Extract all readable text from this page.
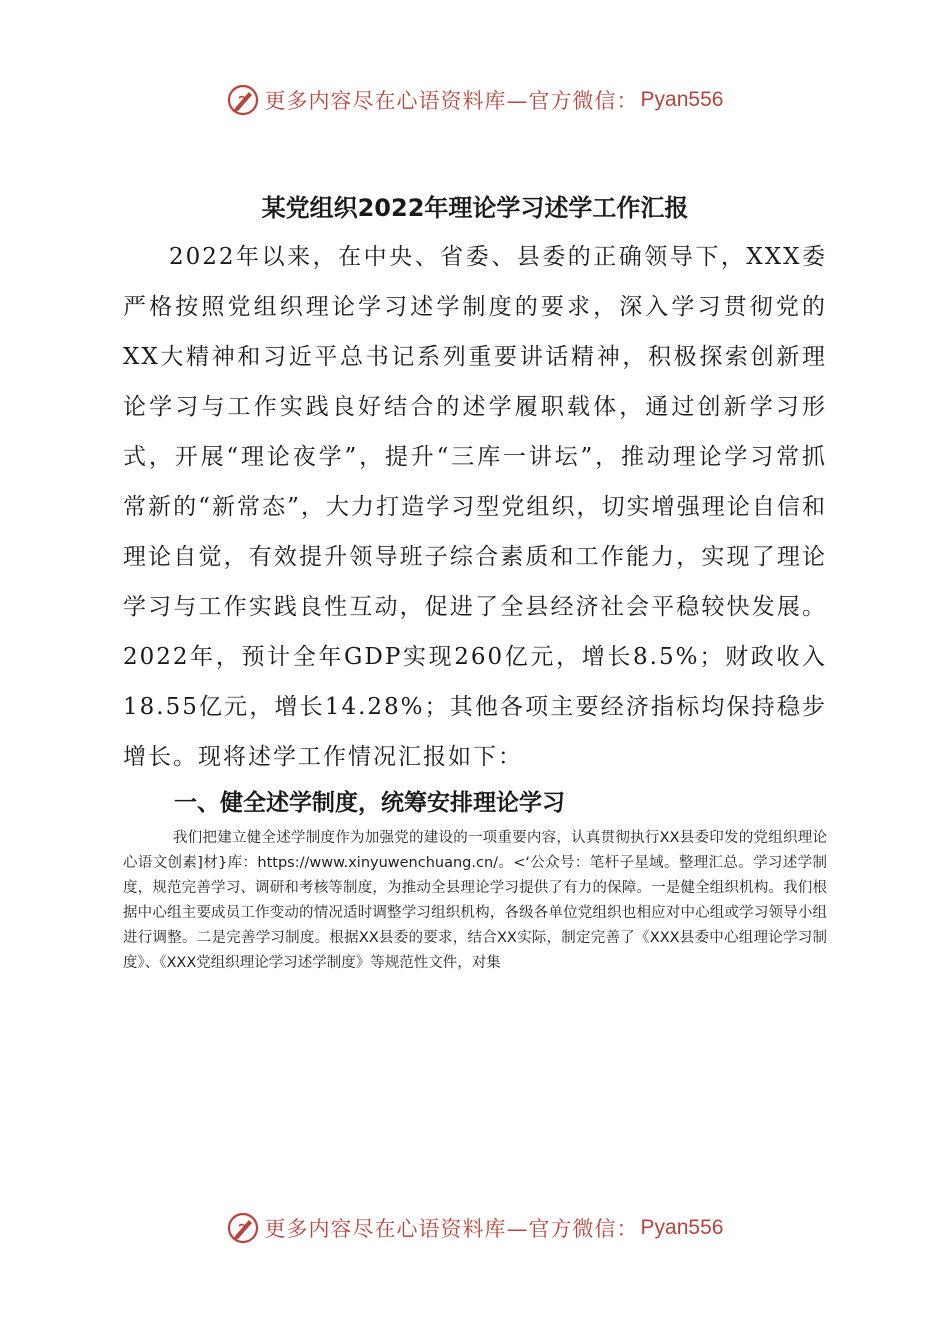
更多内容尽在心语资料库—官方微信： Pyan556
某党组织2022年理论学习述学工作汇报

2022年以来，在中央、省委、县委的正确领导下，XXX委严格按照党组织理论学习述学制度的要求，深入学习贯彻党的XX大精神和习近平总书记系列重要讲话精神，积极探索创新理论学习与工作实践良好结合的述学履职载体，通过创新学习形式，开展“理论夜学”，提升“三库一讲坛”，推动理论学习常抓常新的“新常态”，大力打造学习型党组织，切实增强理论自信和理论自觉，有效提升领导班子综合素质和工作能力，实现了理论学习与工作实践良性互动，促进了全县经济社会平稳较快发展。2022年，预计全年GDP实现260亿元，增长8.5%；财政收入18.55亿元，增长14.28%；其他各项主要经济指标均保持稳步增长。现将述学工作情况汇报如下：

一、健全述学制度，统筹安排理论学习

我们把建立健全述学制度作为加强党的建设的一项重要内容，认真贯彻执行XX县委印发的党组织理论心语文创素]材}库：https://www.xinyuwenchuang.cn/。<‘公众号：笔杆子星域。整理汇总。学习述学制度，规范完善学习、调研和考核等制度，为推动全县理论学习提供了有力的保障。一是健全组织机构。我们根据中心组主要成员工作变动的情况适时调整学习组织机构，各级各单位党组织也相应对中心组或学习领导小组进行调整。二是完善学习制度。根据XX县委的要求，结合XX实际，制定完善了《XXX县委中心组理论学习制度》、《XXX党组织理论学习述学制度》等规范性文件，对集

更多内容尽在心语资料库—官方微信： Pyan556
